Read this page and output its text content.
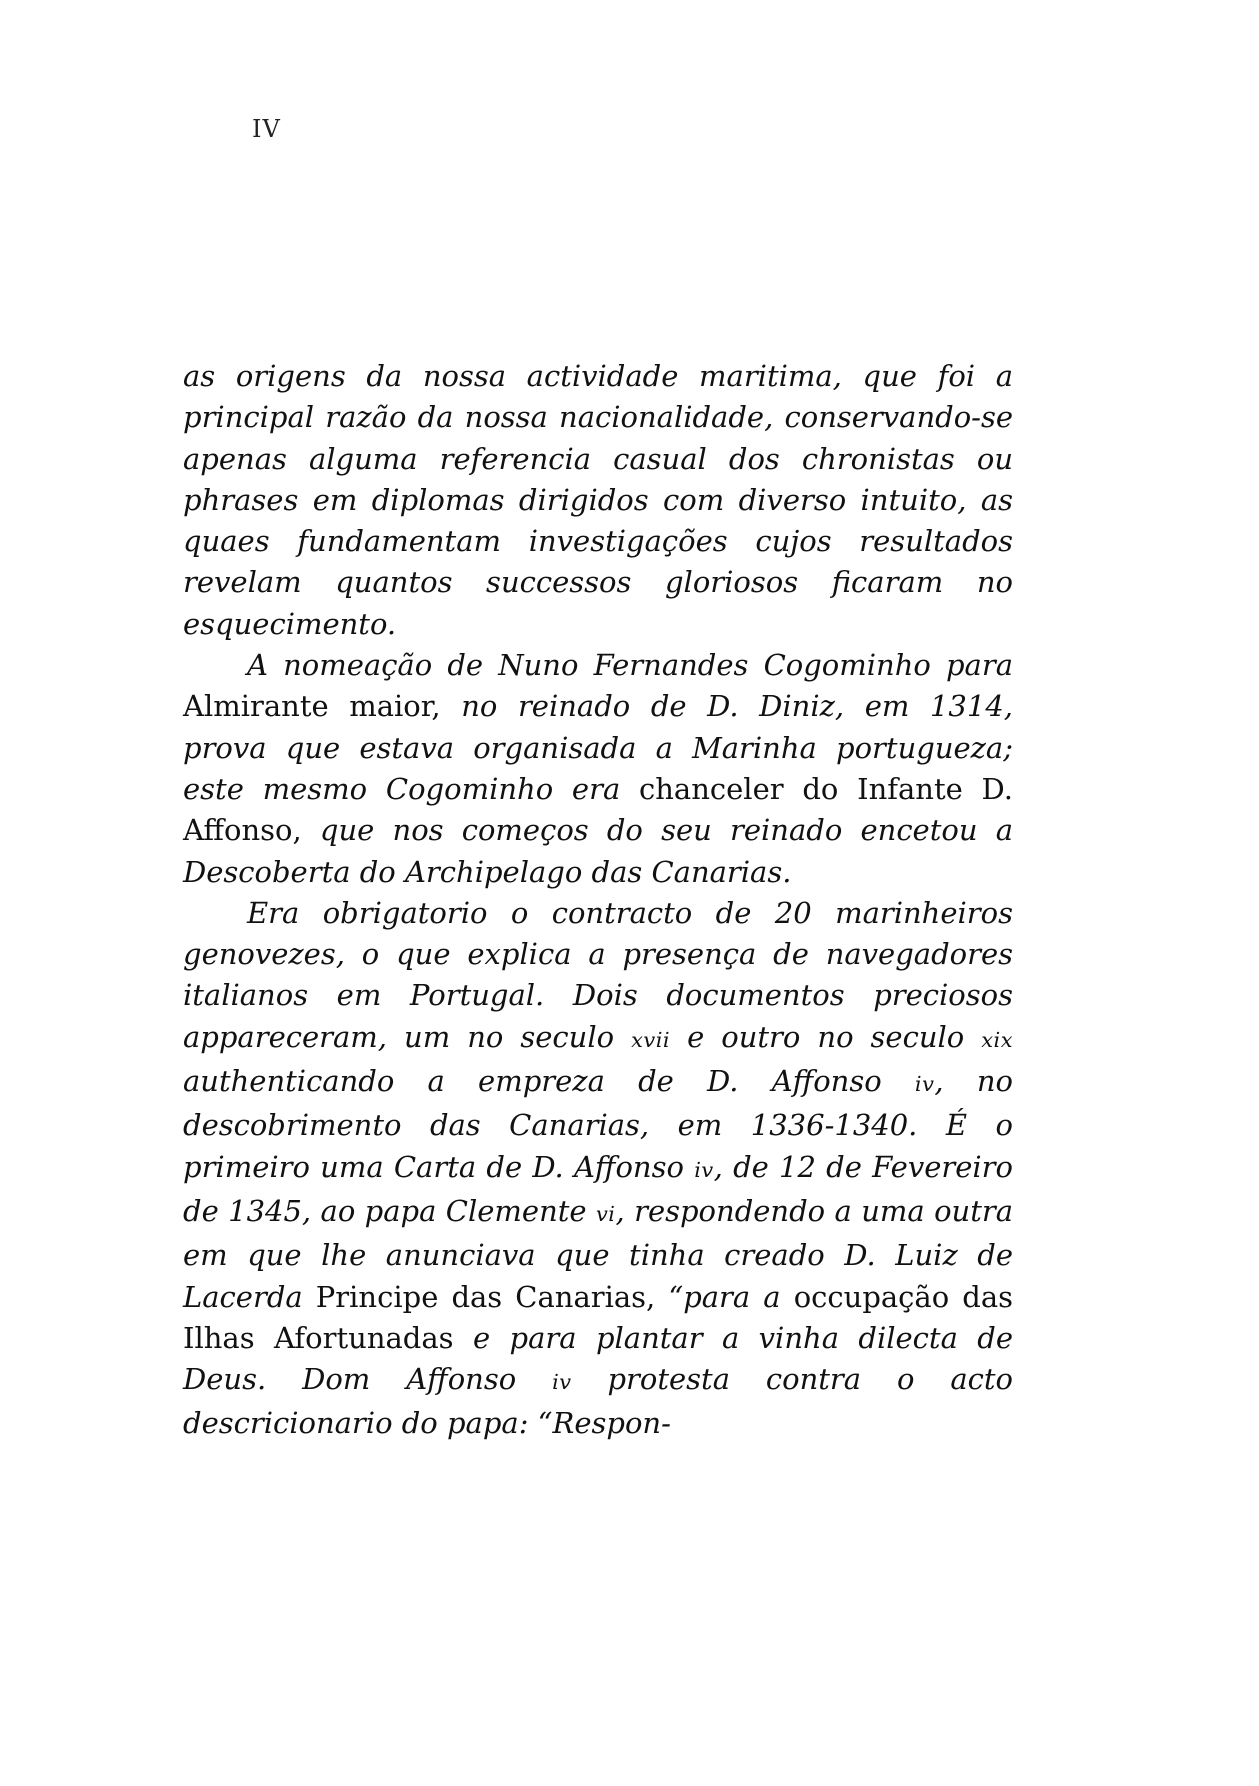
IV

as origens da nossa actividade maritima, que foi a principal razão da nossa nacionalidade, conservando-se apenas alguma referencia casual dos chronistas ou phrases em diplomas dirigidos com diverso intuito, as quaes fundamentam investigações cujos resultados revelam quantos successos gloriosos ficaram no esquecimento.

A nomeação de Nuno Fernandes Cogominho para Almirante maior, no reinado de D. Diniz, em 1314, prova que estava organisada a Marinha portugueza; este mesmo Cogominho era chanceler do Infante D. Affonso, que nos começos do seu reinado encetou a Descoberta do Archipelago das Canarias.

Era obrigatorio o contracto de 20 marinheiros genovezes, o que explica a presença de navegadores italianos em Portugal. Dois documentos preciosos appareceram, um no seculo xvii e outro no seculo xix authenticando a empreza de D. Affonso iv, no descobrimento das Canarias, em 1336-1340. É o primeiro uma Carta de D. Affonso iv, de 12 de Fevereiro de 1345, ao papa Clemente vi, respondendo a uma outra em que lhe anunciava que tinha creado D. Luiz de Lacerda Principe das Canarias, “para a occupação das Ilhas Afortunadas e para plantar a vinha dilecta de Deus. Dom Affonso iv protesta contra o acto descricionario do papa: “Respon-
